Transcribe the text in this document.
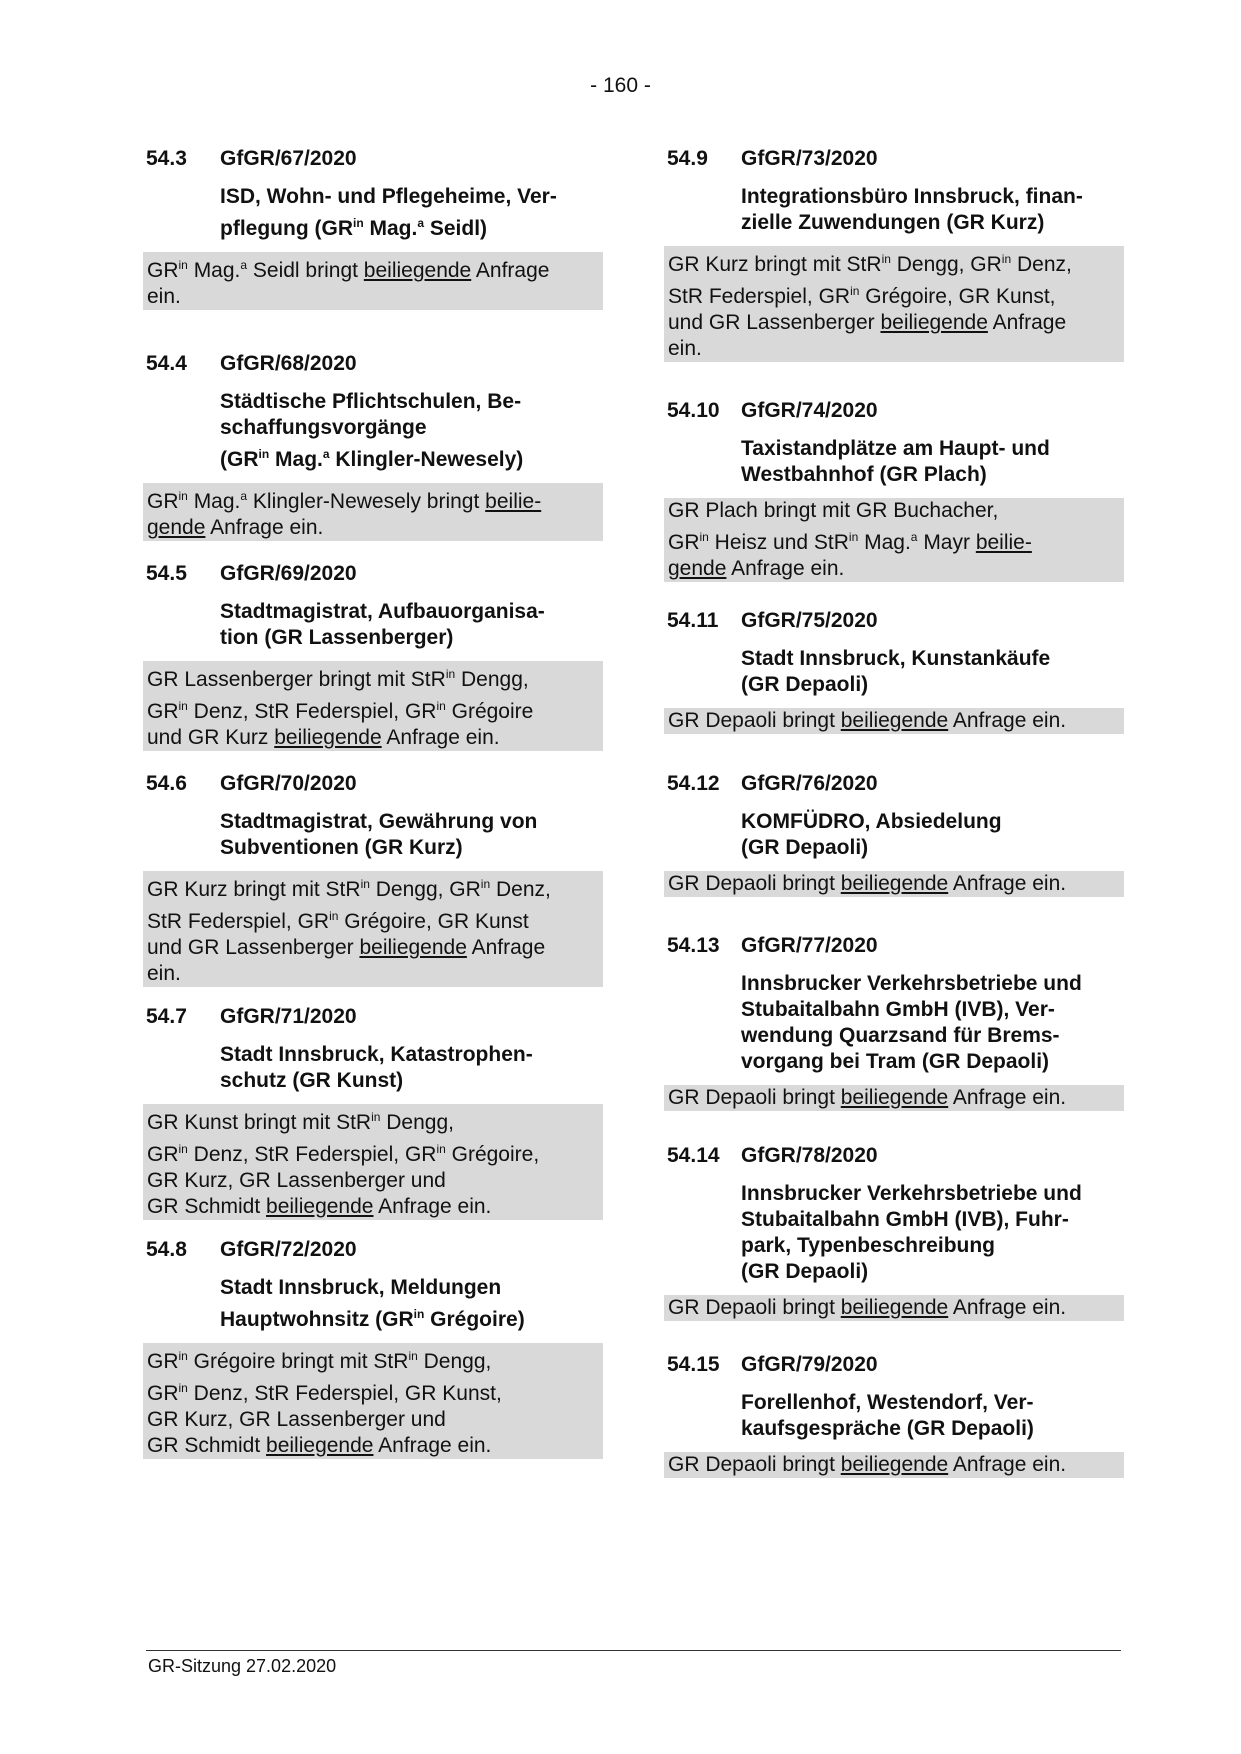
- 160 -
54.3 GfGR/67/2020
ISD, Wohn- und Pflegeheime, Ver-
pflegung ($GR^{in}$ Mag.$^a$ Seidl)
$GR^{in}$ Mag.$^a$ Seidl bringt beiliegende Anfrage
ein.
54.4 GfGR/68/2020
Städtische Pflichtschulen, Be-
schaffungsvorgänge
($GR^{in}$ Mag.$^a$ Klingler-Newesely)
$GR^{in}$ Mag.$^a$ Klingler-Newesely bringt beilie-
gende Anfrage ein.
54.5 GfGR/69/2020
Stadtmagistrat, Aufbauorganisa-
tion (GR Lassenberger)
GR Lassenberger bringt mit StR$^{in}$ Dengg,
$GR^{in}$ Denz, StR Federspiel, $GR^{in}$ Grégoire
und GR Kurz beiliegende Anfrage ein.
54.6 GfGR/70/2020
Stadtmagistrat, Gewährung von
Subventionen (GR Kurz)
GR Kurz bringt mit StR$^{in}$ Dengg, $GR^{in}$ Denz,
StR Federspiel, $GR^{in}$ Grégoire, GR Kunst
und GR Lassenberger beiliegende Anfrage
ein.
54.7 GfGR/71/2020
Stadt Innsbruck, Katastrophen-
schutz (GR Kunst)
GR Kunst bringt mit StR$^{in}$ Dengg,
$GR^{in}$ Denz, StR Federspiel, $GR^{in}$ Grégoire,
GR Kurz, GR Lassenberger und
GR Schmidt beiliegende Anfrage ein.
54.8 GfGR/72/2020
Stadt Innsbruck, Meldungen
Hauptwohnsitz ($GR^{in}$ Grégoire)
$GR^{in}$ Grégoire bringt mit StR$^{in}$ Dengg,
$GR^{in}$ Denz, StR Federspiel, GR Kunst,
GR Kurz, GR Lassenberger und
GR Schmidt beiliegende Anfrage ein.
54.9 GfGR/73/2020
Integrationsbüro Innsbruck, finan-
zielle Zuwendungen (GR Kurz)
GR Kurz bringt mit StR$^{in}$ Dengg, $GR^{in}$ Denz,
StR Federspiel, $GR^{in}$ Grégoire, GR Kunst,
und GR Lassenberger beiliegende Anfrage
ein.
54.10 GfGR/74/2020
Taxistandplätze am Haupt- und
Westbahnhof (GR Plach)
GR Plach bringt mit GR Buchacher,
$GR^{in}$ Heisz und StR$^{in}$ Mag.$^a$ Mayr beilie-
gende Anfrage ein.
54.11 GfGR/75/2020
Stadt Innsbruck, Kunstankäufe
(GR Depaoli)
GR Depaoli bringt beiliegende Anfrage ein.
54.12 GfGR/76/2020
KOMFÜDRO, Absiedelung
(GR Depaoli)
GR Depaoli bringt beiliegende Anfrage ein.
54.13 GfGR/77/2020
Innsbrucker Verkehrsbetriebe und
Stubaitalbahn GmbH (IVB), Ver-
wendung Quarzsand für Brems-
vorgang bei Tram (GR Depaoli)
GR Depaoli bringt beiliegende Anfrage ein.
54.14 GfGR/78/2020
Innsbrucker Verkehrsbetriebe und
Stubaitalbahn GmbH (IVB), Fuhr-
park, Typenbeschreibung
(GR Depaoli)
GR Depaoli bringt beiliegende Anfrage ein.
54.15 GfGR/79/2020
Forellenhof, Westendorf, Ver-
kaufsgespräche (GR Depaoli)
GR Depaoli bringt beiliegende Anfrage ein.
GR-Sitzung 27.02.2020
